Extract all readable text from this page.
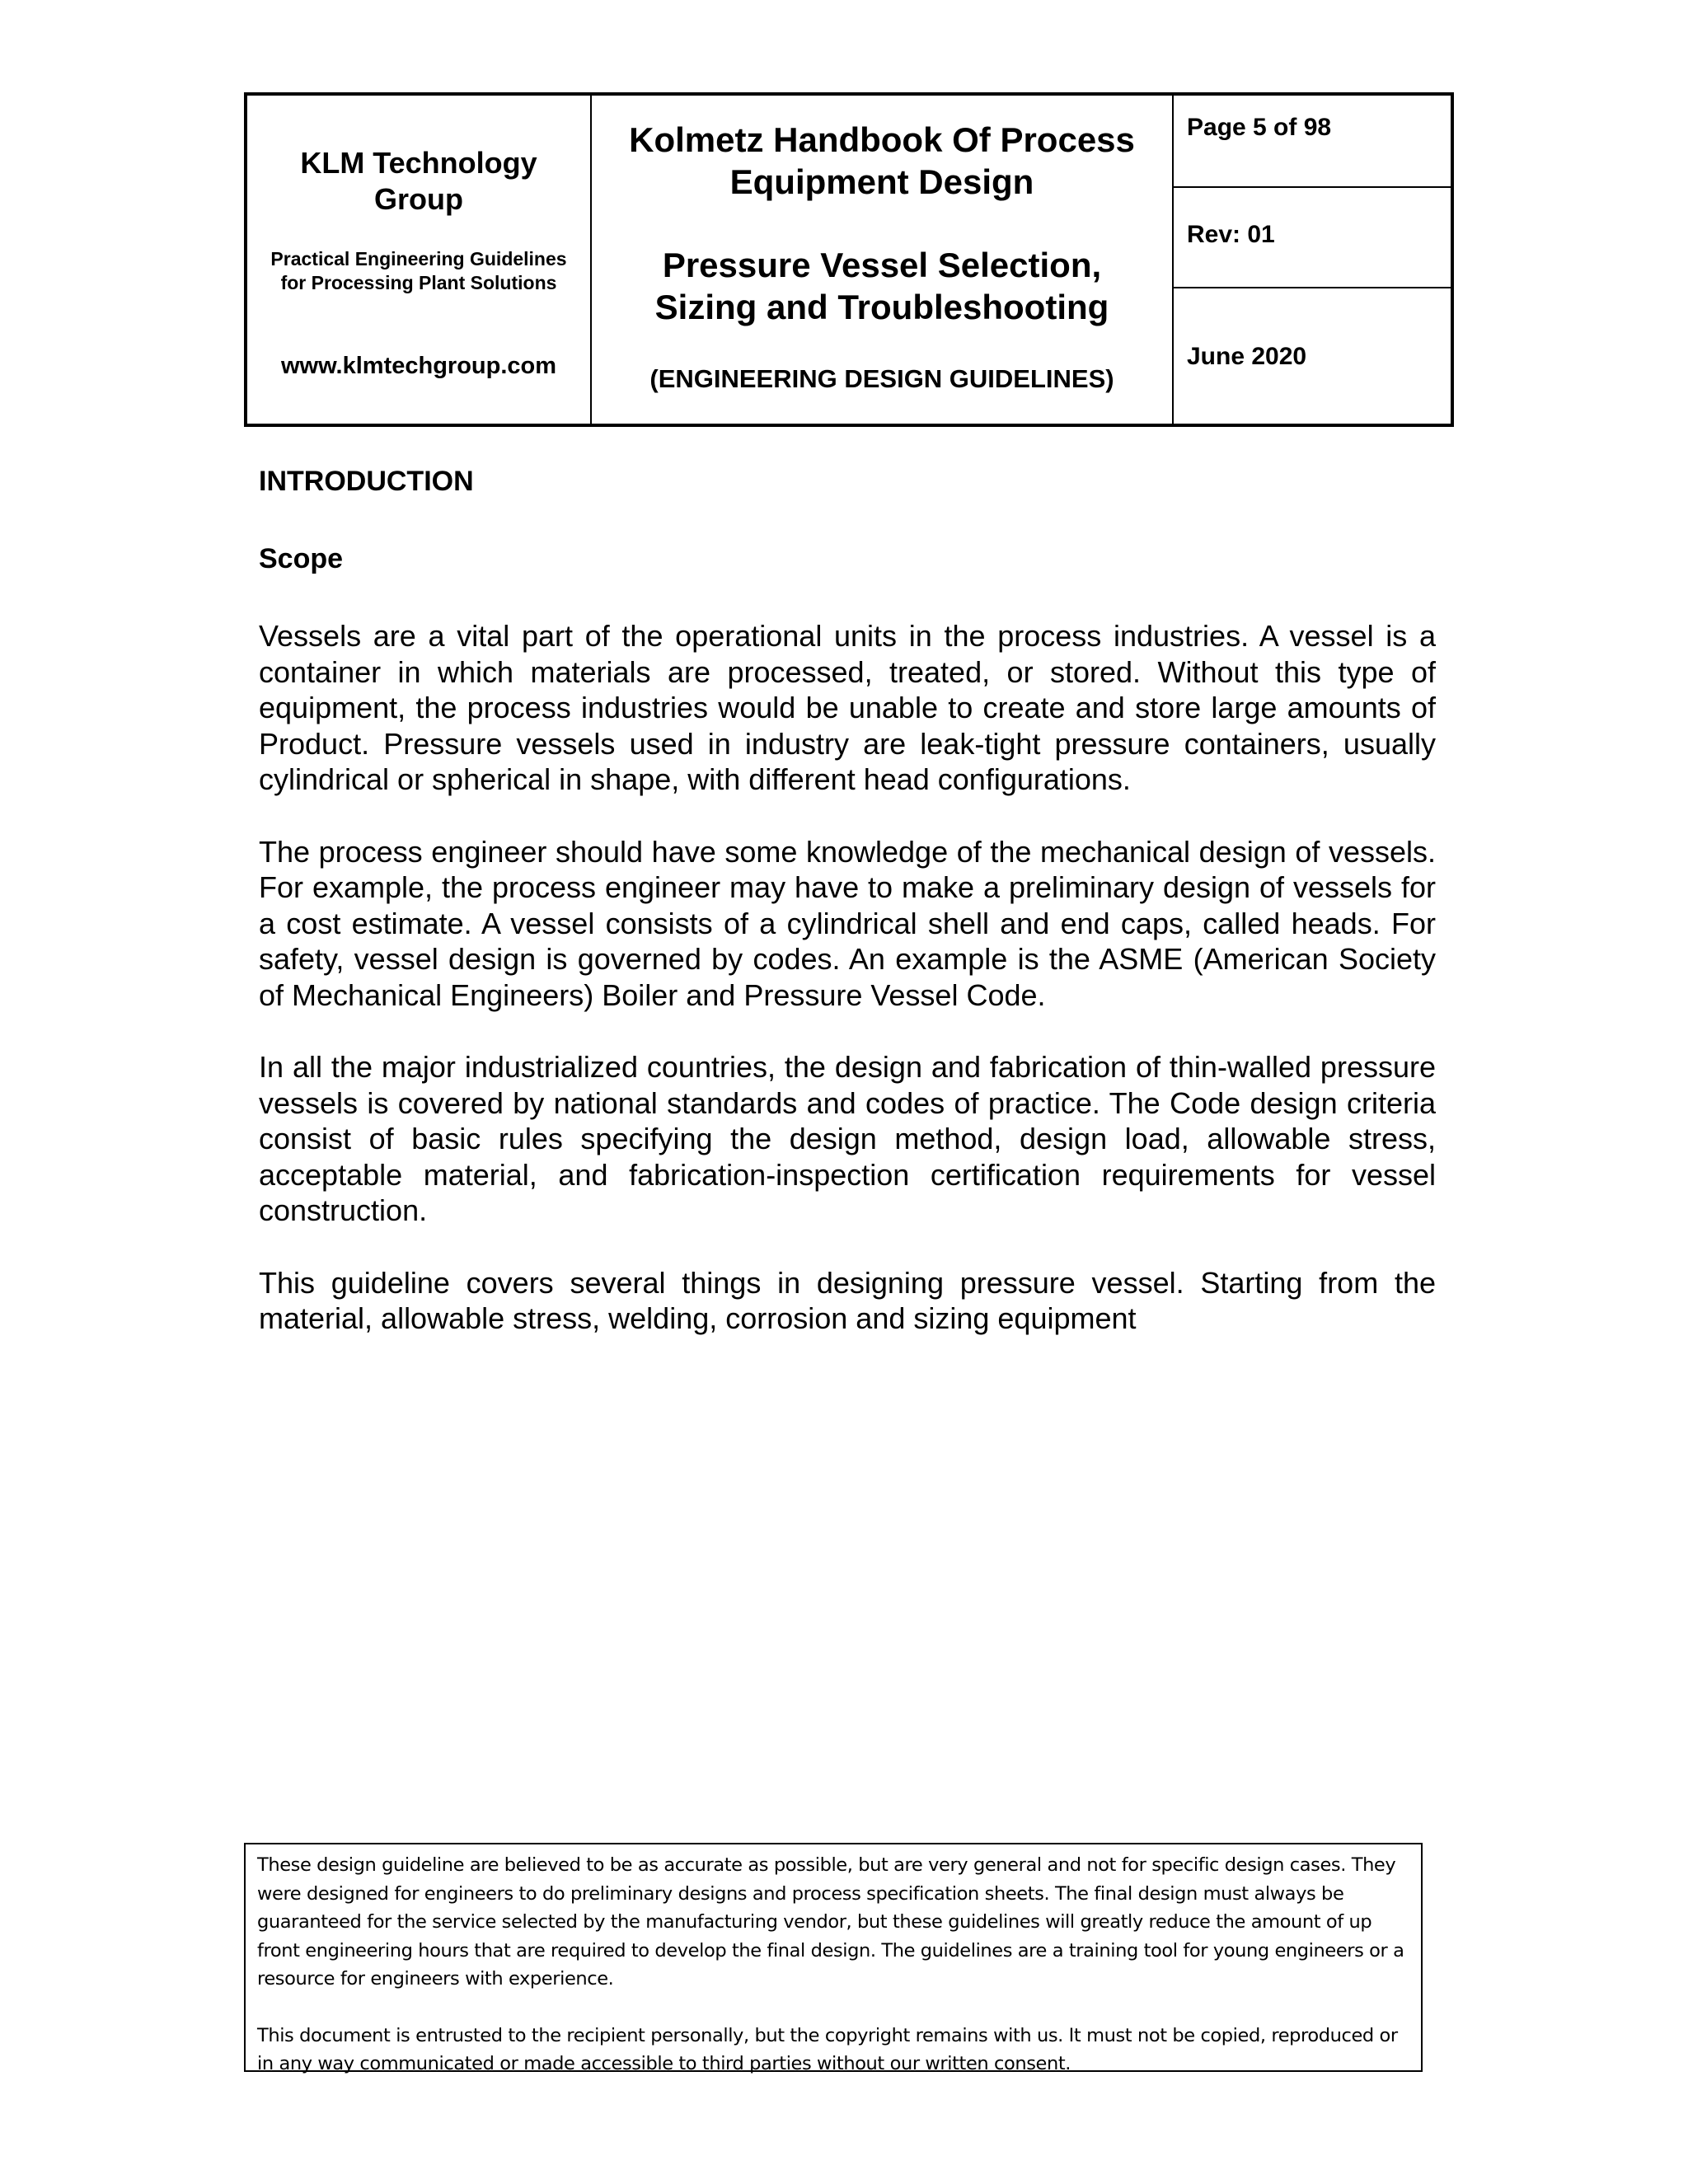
KLM Technology Group
Practical Engineering Guidelines for Processing Plant Solutions
www.klmtechgroup.com
Kolmetz Handbook Of Process Equipment Design
Pressure Vessel Selection, Sizing and Troubleshooting
(ENGINEERING DESIGN GUIDELINES)
Page 5 of 98
Rev: 01
June 2020
INTRODUCTION
Scope

Vessels are a vital part of the operational units in the process industries. A vessel is a container in which materials are processed, treated, or stored. Without this type of equipment, the process industries would be unable to create and store large amounts of Product. Pressure vessels used in industry are leak-tight pressure containers, usually cylindrical or spherical in shape, with different head configurations.

The process engineer should have some knowledge of the mechanical design of vessels. For example, the process engineer may have to make a preliminary design of vessels for a cost estimate. A vessel consists of a cylindrical shell and end caps, called heads. For safety, vessel design is governed by codes. An example is the ASME (American Society of Mechanical Engineers) Boiler and Pressure Vessel Code.

In all the major industrialized countries, the design and fabrication of thin-walled pressure vessels is covered by national standards and codes of practice. The Code design criteria consist of basic rules specifying the design method, design load, allowable stress, acceptable material, and fabrication-inspection certification requirements for vessel construction.

This guideline covers several things in designing pressure vessel. Starting from the material, allowable stress, welding, corrosion and sizing equipment

These design guideline are believed to be as accurate as possible, but are very general and not for specific design cases. They were designed for engineers to do preliminary designs and process specification sheets. The final design must always be guaranteed for the service selected by the manufacturing vendor, but these guidelines will greatly reduce the amount of up front engineering hours that are required to develop the final design. The guidelines are a training tool for young engineers or a resource for engineers with experience.

This document is entrusted to the recipient personally, but the copyright remains with us. It must not be copied, reproduced or in any way communicated or made accessible to third parties without our written consent.
